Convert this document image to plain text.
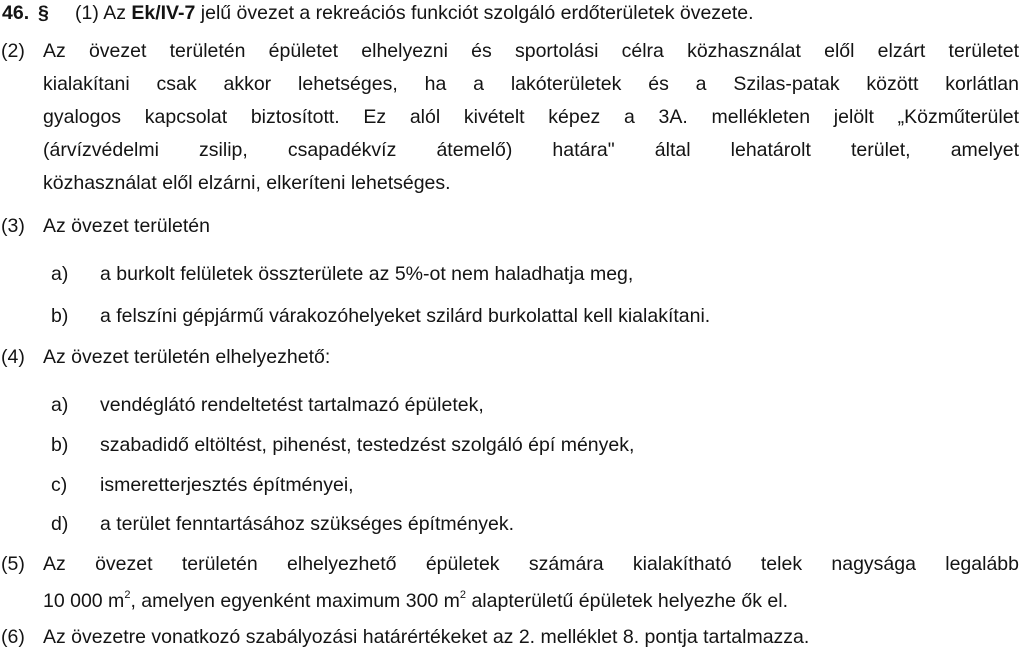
46. § (1) Az Ek/IV-7 jelű övezet a rekreációs funkciót szolgáló erdőterületek övezete.
(2) Az övezet területén épületet elhelyezni és sportolási célra közhasználat elől elzárt területet
kialakítani csak akkor lehetséges, ha a lakóterületek és a Szilas-patak között korlátlan
gyalogos kapcsolat biztosított. Ez alól kivételt képez a 3A. mellékleten jelölt „Közműterület
(árvízvédelmi zsilip, csapadékvíz átemelő) határa" által lehatárolt terület, amelyet
közhasználat elől elzárni, elkeríteni lehetséges.
(3) Az övezet területén
a) a burkolt felületek összterülete az 5%-ot nem haladhatja meg,
b) a felszíni gépjármű várakozóhelyeket szilárd burkolattal kell kialakítani.
(4) Az övezet területén elhelyezhető:
a) vendéglátó rendeltetést tartalmazó épületek,
b) szabadidő eltöltést, pihenést, testedzést szolgáló épí mények,
c) ismeretterjesztés építményei,
d) a terület fenntartásához szükséges építmények.
(5) Az övezet területén elhelyezhető épületek számára kialakítható telek nagysága legalább
10 000 $m^2$, amelyen egyenként maximum 300 $m^2$ alapterületű épületek helyezhe ők el.
(6) Az övezetre vonatkozó szabályozási határértékeket az 2. melléklet 8. pontja tartalmazza.
